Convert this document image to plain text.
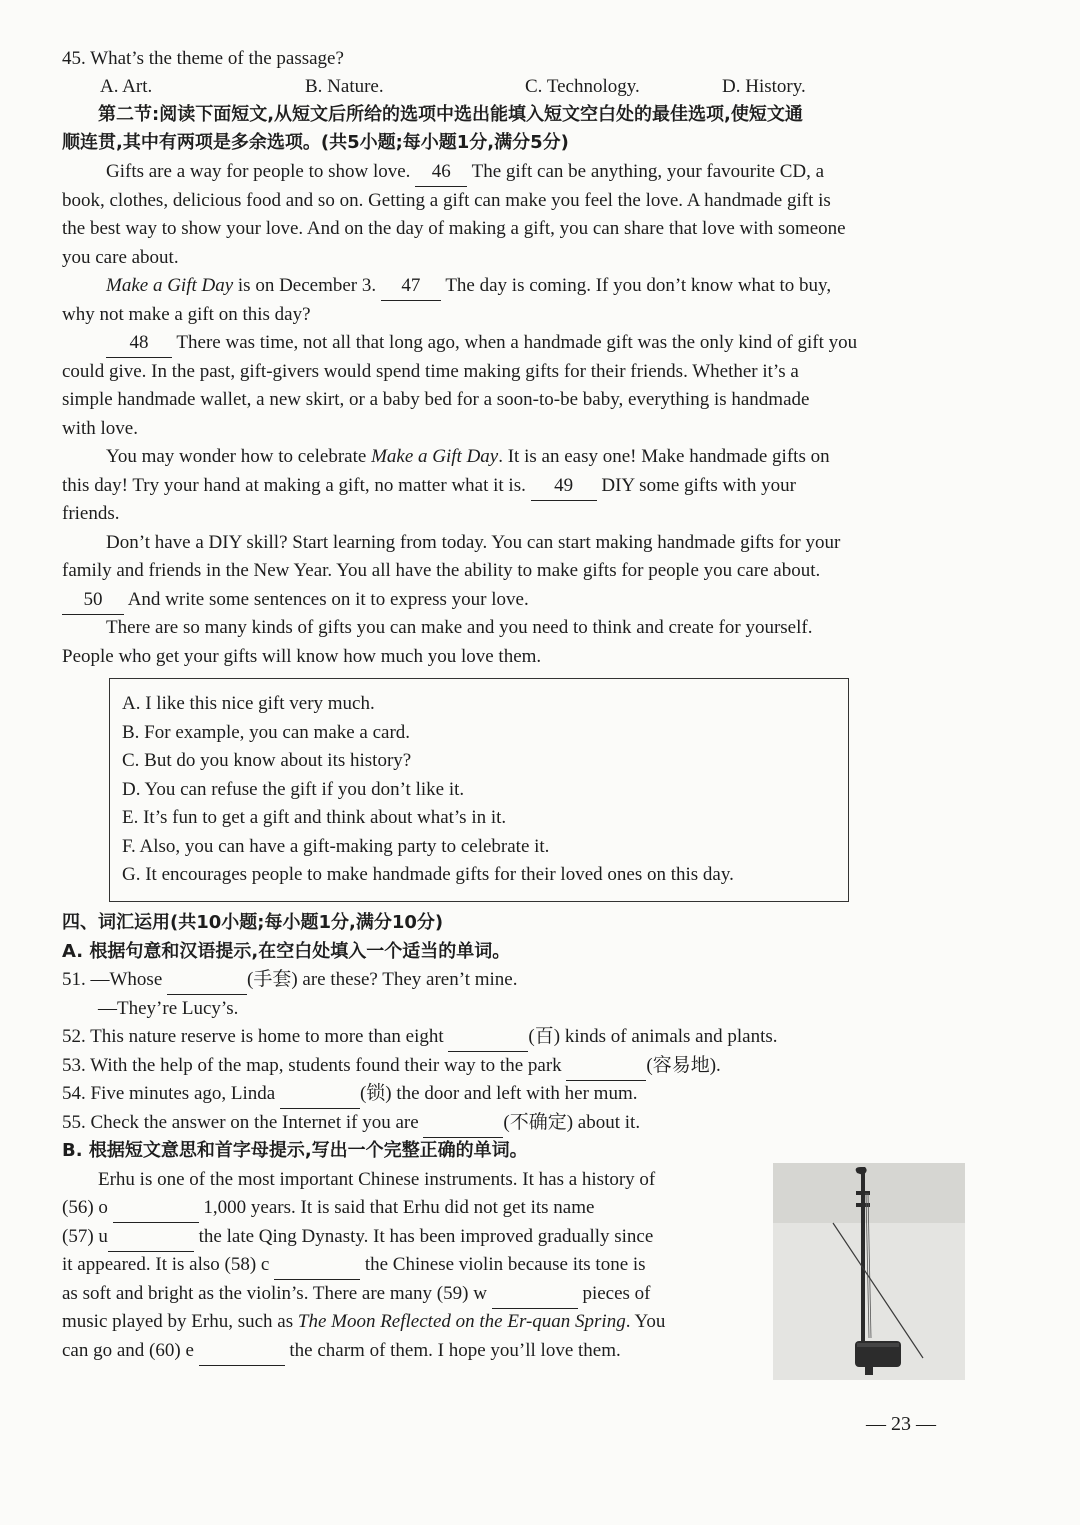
45. What’s the theme of the passage?
A. Art.	B. Nature.	C. Technology.	D. History.
第二节:阅读下面短文,从短文后所给的选项中选出能填入短文空白处的最佳选项,使短文通
顺连贯,其中有两项是多余选项。(共5小题;每小题1分,满分5分)
Gifts are a way for people to show love. 46 The gift can be anything, your favourite CD, a
book, clothes, delicious food and so on. Getting a gift can make you feel the love. A handmade gift is
the best way to show your love. And on the day of making a gift, you can share that love with someone
you care about.
Make a Gift Day is on December 3. 47 The day is coming. If you don’t know what to buy,
why not make a gift on this day?
48 There was time, not all that long ago, when a handmade gift was the only kind of gift you
could give. In the past, gift-givers would spend time making gifts for their friends. Whether it’s a
simple handmade wallet, a new skirt, or a baby bed for a soon-to-be baby, everything is handmade
with love.
You may wonder how to celebrate Make a Gift Day. It is an easy one! Make handmade gifts on
this day! Try your hand at making a gift, no matter what it is. 49 DIY some gifts with your
friends.
Don’t have a DIY skill? Start learning from today. You can start making handmade gifts for your
family and friends in the New Year. You all have the ability to make gifts for people you care about.
50 And write some sentences on it to express your love.
There are so many kinds of gifts you can make and you need to think and create for yourself.
People who get your gifts will know how much you love them.
A. I like this nice gift very much.
B. For example, you can make a card.
C. But do you know about its history?
D. You can refuse the gift if you don’t like it.
E. It’s fun to get a gift and think about what’s in it.
F. Also, you can have a gift-making party to celebrate it.
G. It encourages people to make handmade gifts for their loved ones on this day.
四、词汇运用(共10小题;每小题1分,满分10分)
A. 根据句意和汉语提示,在空白处填入一个适当的单词。
51. —Whose	(手套) are these? They aren’t mine.
—They’re Lucy’s.
52. This nature reserve is home to more than eight	(百) kinds of animals and plants.
53. With the help of the map, students found their way to the park	(容易地).
54. Five minutes ago, Linda	(锁) the door and left with her mum.
55. Check the answer on the Internet if you are	(不确定) about it.
B. 根据短文意思和首字母提示,写出一个完整正确的单词。
Erhu is one of the most important Chinese instruments. It has a history of
(56) o	1,000 years. It is said that Erhu did not get its name
(57) u	the late Qing Dynasty. It has been improved gradually since
it appeared. It is also (58) c	the Chinese violin because its tone is
as soft and bright as the violin’s. There are many (59) w	pieces of
music played by Erhu, such as The Moon Reflected on the Er-quan Spring. You
can go and (60) e	the charm of them. I hope you’ll love them.
— 23 —
